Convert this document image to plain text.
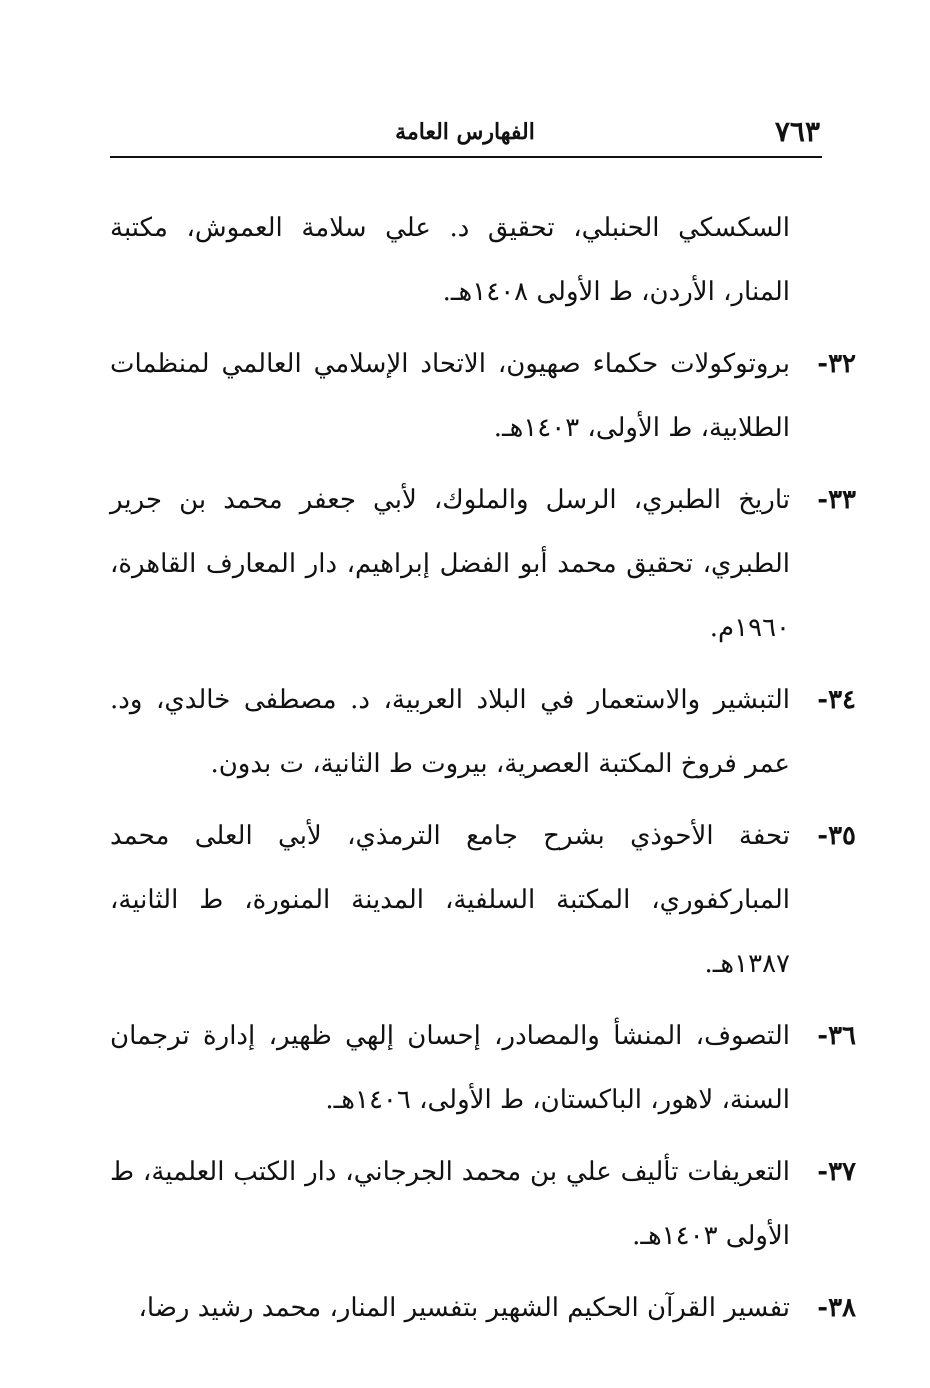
٧٦٣
الفهارس العامة
السكسكي الحنبلي، تحقيق د. علي سلامة العموش، مكتبة المنار، الأردن، ط الأولى ١٤٠٨هـ.
٣٢-
بروتوكولات حكماء صهيون، الاتحاد الإسلامي العالمي لمنظمات الطلابية، ط الأولى، ١٤٠٣هـ.
٣٣-
تاريخ الطبري، الرسل والملوك، لأبي جعفر محمد بن جرير الطبري، تحقيق محمد أبو الفضل إبراهيم، دار المعارف القاهرة، ١٩٦٠م.
٣٤-
التبشير والاستعمار في البلاد العربية، د. مصطفى خالدي، ود. عمر فروخ المكتبة العصرية، بيروت ط الثانية، ت بدون.
٣٥-
تحفة الأحوذي بشرح جامع الترمذي، لأبي العلى محمد المباركفوري، المكتبة السلفية، المدينة المنورة، ط الثانية، ١٣٨٧هـ.
٣٦-
التصوف، المنشأ والمصادر، إحسان إلهي ظهير، إدارة ترجمان السنة، لاهور، الباكستان، ط الأولى، ١٤٠٦هـ.
٣٧-
التعريفات تأليف علي بن محمد الجرجاني، دار الكتب العلمية، ط الأولى ١٤٠٣هـ.
٣٨-
تفسير القرآن الحكيم الشهير بتفسير المنار، محمد رشيد رضا،
